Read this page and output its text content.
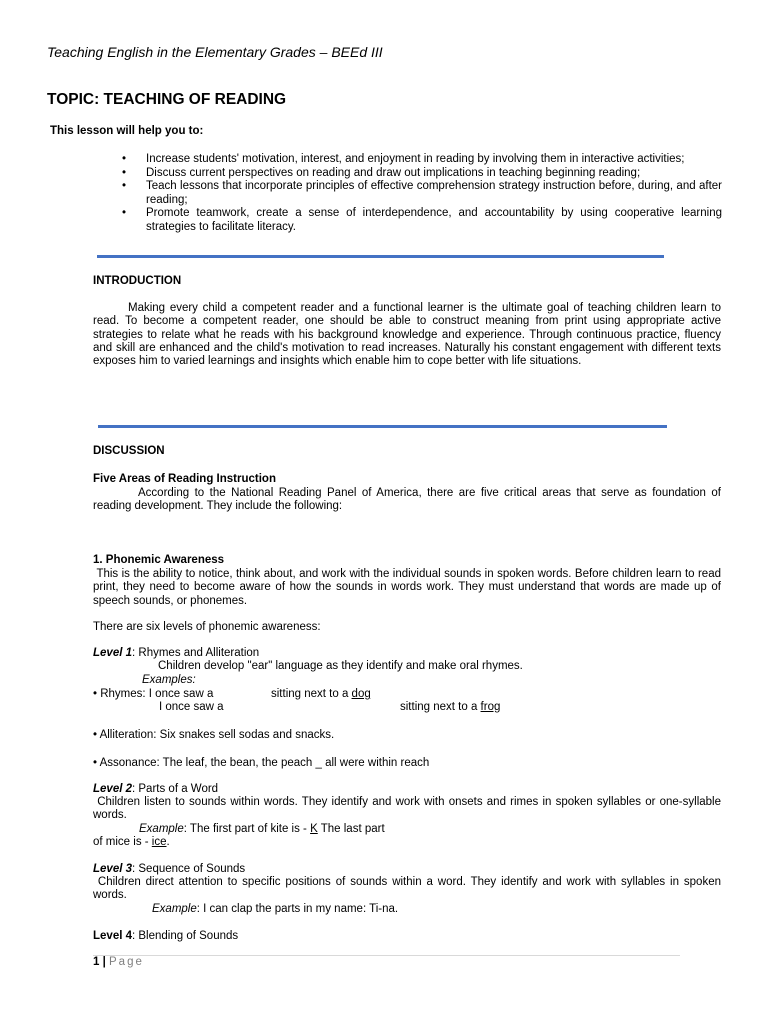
Teaching English in the Elementary Grades – BEEd III
TOPIC: TEACHING OF READING
This lesson will help you to:
• Increase students' motivation, interest, and enjoyment in reading by involving them in interactive activities;
• Discuss current perspectives on reading and draw out implications in teaching beginning reading;
• Teach lessons that incorporate principles of effective comprehension strategy instruction before, during, and after reading;
• Promote teamwork, create a sense of interdependence, and accountability by using cooperative learning strategies to facilitate literacy.
INTRODUCTION
Making every child a competent reader and a functional learner is the ultimate goal of teaching children learn to read. To become a competent reader, one should be able to construct meaning from print using appropriate active strategies to relate what he reads with his background knowledge and experience. Through continuous practice, fluency and skill are enhanced and the child's motivation to read increases. Naturally his constant engagement with different texts exposes him to varied learnings and insights which enable him to cope better with life situations.
DISCUSSION
Five Areas of Reading Instruction
According to the National Reading Panel of America, there are five critical areas that serve as foundation of reading development. They include the following:
1. Phonemic Awareness
This is the ability to notice, think about, and work with the individual sounds in spoken words. Before children learn to read print, they need to become aware of how the sounds in words work. They must understand that words are made up of speech sounds, or phonemes.
There are six levels of phonemic awareness:
Level 1: Rhymes and Alliteration
Children develop "ear" language as they identify and make oral rhymes.
Examples:
• Rhymes: I once saw a	sitting next to a dog
I once saw a	sitting next to a frog
• Alliteration: Six snakes sell sodas and snacks.
• Assonance: The leaf, the bean, the peach _ all were within reach
Level 2: Parts of a Word
Children listen to sounds within words. They identify and work with onsets and rimes in spoken syllables or one-syllable words.
Example: The first part of kite is - K The last part
of mice is - ice.
Level 3: Sequence of Sounds
Children direct attention to specific positions of sounds within a word. They identify and work with syllables in spoken words.
Example: I can clap the parts in my name: Ti-na.
Level 4: Blending of Sounds
1 | Page
